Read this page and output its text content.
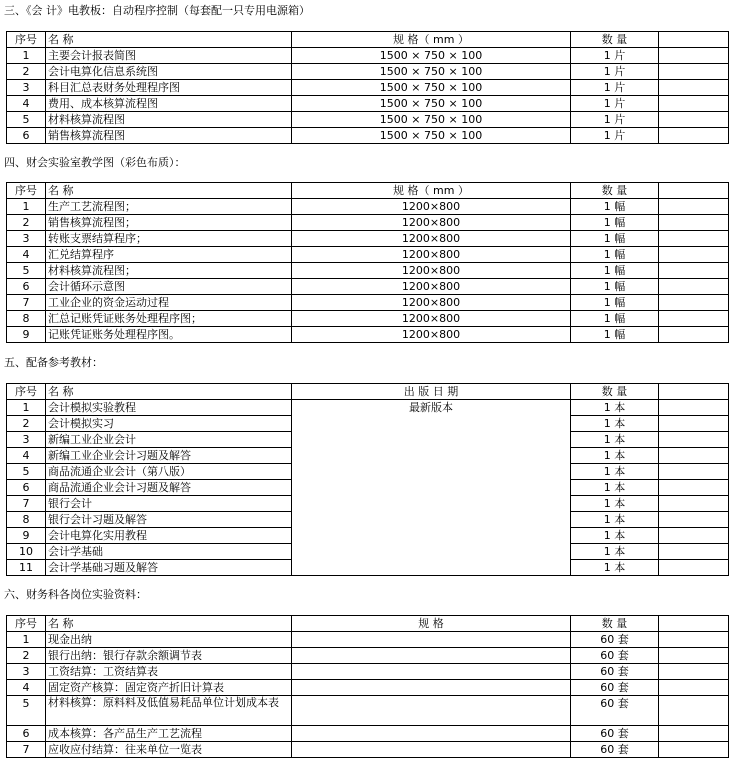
三、《会 计》电教板：自动程序控制（每套配一只专用电源箱）
序号	名 称	规 格（ mm ）	数 量	
1	主要会计报表简图	1500 × 750 × 100	1 片	
2	会计电算化信息系统图	1500 × 750 × 100	1 片	
3	科目汇总表财务处理程序图	1500 × 750 × 100	1 片	
4	费用、成本核算流程图	1500 × 750 × 100	1 片	
5	材料核算流程图	1500 × 750 × 100	1 片	
6	销售核算流程图	1500 × 750 × 100	1 片	
四、财会实验室教学图（彩色布质）：
序号	名 称	规 格（ mm ）	数 量	
1	生产工艺流程图；	1200×800	1 幅	
2	销售核算流程图；	1200×800	1 幅	
3	转账支票结算程序；	1200×800	1 幅	
4	汇兑结算程序	1200×800	1 幅	
5	材料核算流程图；	1200×800	1 幅	
6	会计循环示意图	1200×800	1 幅	
7	工业企业的资金运动过程	1200×800	1 幅	
8	汇总记账凭证账务处理程序图；	1200×800	1 幅	
9	记账凭证账务处理程序图。	1200×800	1 幅	
五、配备参考教材：
序号	名 称	出 版 日 期	数 量	
1	会计模拟实验教程	最新版本	1 本	
2	会计模拟实习		1 本	
3	新编工业企业会计		1 本	
4	新编工业企业会计习题及解答		1 本	
5	商品流通企业会计（第八版）		1 本	
6	商品流通企业会计习题及解答		1 本	
7	银行会计		1 本	
8	银行会计习题及解答		1 本	
9	会计电算化实用教程		1 本	
10	会计学基础		1 本	
11	会计学基础习题及解答		1 本	
六、财务科各岗位实验资料：
序号	名 称	规 格	数 量	
1	现金出纳		60 套	
2	银行出纳：银行存款余额调节表		60 套	
3	工资结算：工资结算表		60 套	
4	固定资产核算：固定资产折旧计算表		60 套	
5	材料核算：原料料及低值易耗品单位计划成本表		60 套	
6	成本核算：各产品生产工艺流程		60 套	
7	应收应付结算：往来单位一览表		60 套	
